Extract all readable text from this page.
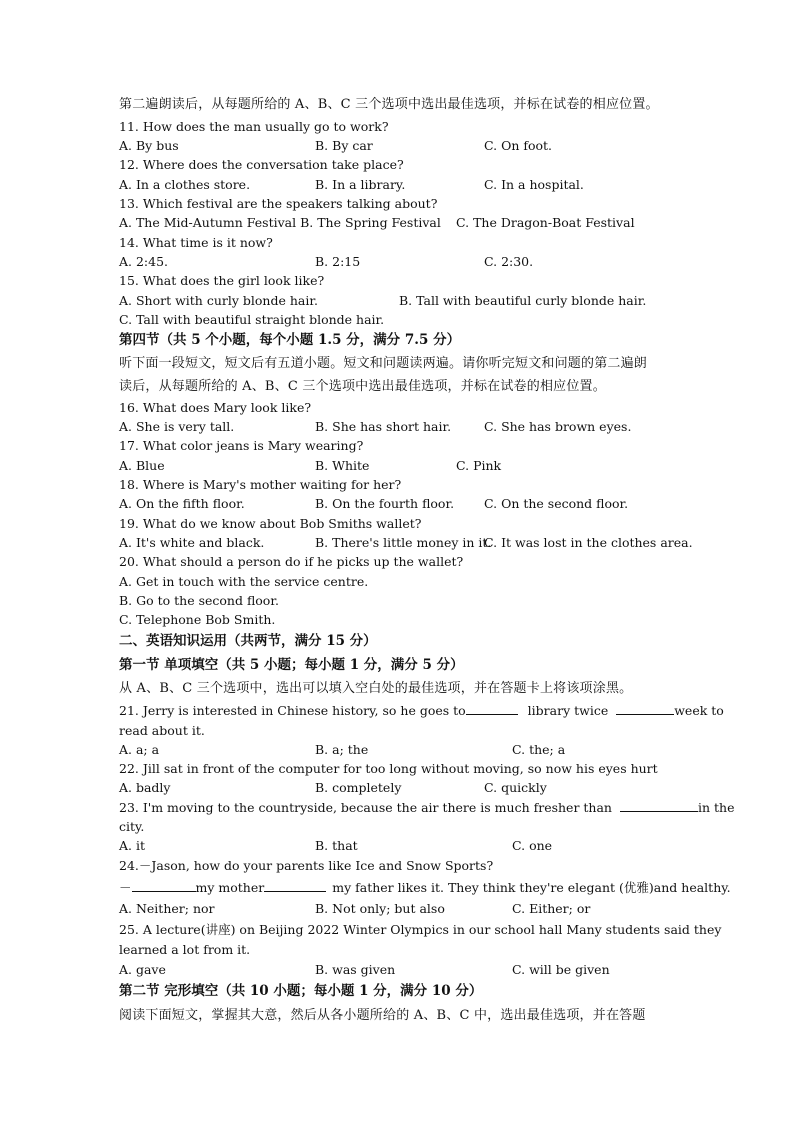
第二遍朗读后，从每题所给的 A、B、C 三个选项中选出最佳选项，并标在试卷的相应位置。
11. How does the man usually go to work?
A. By bus	B. By car	C. On foot.
12. Where does the conversation take place?
A. In a clothes store.	B. In a library.	C. In a hospital.
13. Which festival are the speakers talking about?
A. The Mid-Autumn Festival B. The Spring Festival C. The Dragon-Boat Festival
14. What time is it now?
A. 2:45.	B. 2:15	C. 2:30.
15. What does the girl look like?
A. Short with curly blonde hair.	B. Tall with beautiful curly blonde hair.
C. Tall with beautiful straight blonde hair.
第四节（共 5 个小题，每个小题 1.5 分，满分 7.5 分）
听下面一段短文，短文后有五道小题。短文和问题读两遍。请你听完短文和问题的第二遍朗
读后，从每题所给的 A、B、C 三个选项中选出最佳选项，并标在试卷的相应位置。
16. What does Mary look like?
A. She is very tall.	B. She has short hair.	C. She has brown eyes.
17. What color jeans is Mary wearing?
A. Blue	B. White	C. Pink
18. Where is Mary's mother waiting for her?
A. On the fifth floor.	B. On the fourth floor. C. On the second floor.
19. What do we know about Bob Smiths wallet?
A. It's white and black.	B. There's little money in it.
C. It was lost in the clothes area.
20. What should a person do if he picks up the wallet?
A. Get in touch with the service centre.
B. Go to the second floor.
C. Telephone Bob Smith.
二、英语知识运用（共两节，满分 15 分）
第一节 单项填空（共 5 小题；每小题 1 分，满分 5 分）
从 A、B、C 三个选项中，选出可以填入空白处的最佳选项，并在答题卡上将该项涂黑。
21. Jerry is interested in Chinese history, so he goes to	library twice	week to
read about it.
A. a; a	B. a; the	C. the; a
22. Jill sat in front of the computer for too long without moving, so now his eyes hurt
A. badly	B. completely	C. quickly
23. I'm moving to the countryside, because the air there is much fresher than	in the
city.
A. it	B. that	C. one
24.－Jason, how do your parents like Ice and Snow Sports?
－	my mother	my father likes it. They think they're elegant (优雅)and healthy.
A. Neither; nor	B. Not only; but also	C. Either; or
25. A lecture(讲座) on Beijing 2022 Winter Olympics in our school hall Many students said they
learned a lot from it.
A. gave	B. was given	C. will be given
第二节 完形填空（共 10 小题；每小题 1 分，满分 10 分）
阅读下面短文，掌握其大意，然后从各小题所给的 A、B、C 中，选出最佳选项，并在答题
